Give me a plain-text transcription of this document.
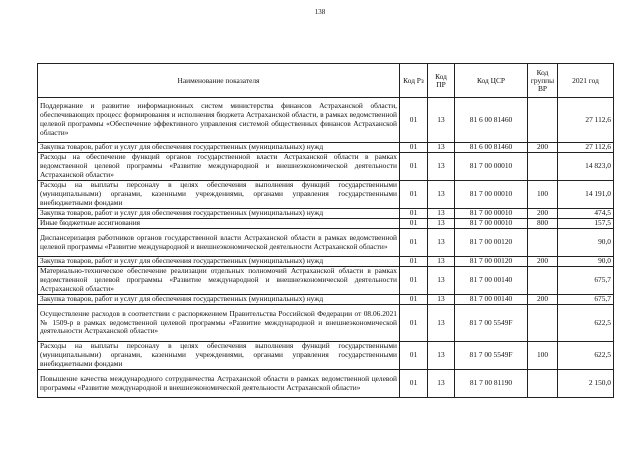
138
Наименование показателя	Код Рз	Код ПР	Код ЦСР	Код группы ВР	2021 год
Поддержание и развитие информационных систем министерства финансов Астраханской области, обеспечивающих процесс формирования и исполнения бюджета Астраханской области, в рамках ведомственной целевой программы «Обеспечение эффективного управления системой общественных финансов Астраханской области»	01	13	81 6 00 81460		27 112,6
Закупка товаров, работ и услуг для обеспечения государственных (муниципальных) нужд	01	13	81 6 00 81460	200	27 112,6
Расходы на обеспечение функций органов государственной власти Астраханской области в рамках ведомственной целевой программы «Развитие международной и внешнеэкономической деятельности Астраханской области»	01	13	81 7 00 00010		14 823,0
Расходы на выплаты персоналу в целях обеспечения выполнения функций государственными (муниципальными) органами, казенными учреждениями, органами управления государственными внебюджетными фондами	01	13	81 7 00 00010	100	14 191,0
Закупка товаров, работ и услуг для обеспечения государственных (муниципальных) нужд	01	13	81 7 00 00010	200	474,5
Иные бюджетные ассигнования	01	13	81 7 00 00010	800	157,5
Диспансеризация работников органов государственной власти Астраханской области в рамках ведомственной целевой программы «Развитие международной и внешнеэкономической деятельности Астраханской области»	01	13	81 7 00 00120		90,0
Закупка товаров, работ и услуг для обеспечения государственных (муниципальных) нужд	01	13	81 7 00 00120	200	90,0
Материально-техническое обеспечение реализации отдельных полномочий Астраханской области в рамках ведомственной целевой программы «Развитие международной и внешнеэкономической деятельности Астраханской области»	01	13	81 7 00 00140		675,7
Закупка товаров, работ и услуг для обеспечения государственных (муниципальных) нужд	01	13	81 7 00 00140	200	675,7
Осуществление расходов в соответствии с распоряжением Правительства Российской Федерации от 08.06.2021 № 1509-р в рамках ведомственной целевой программы «Развитие международной и внешнеэкономической деятельности Астраханской области»	01	13	81 7 00 5549F		622,5
Расходы на выплаты персоналу в целях обеспечения выполнения функций государственными (муниципальными) органами, казенными учреждениями, органами управления государственными внебюджетными фондами	01	13	81 7 00 5549F	100	622,5
Повышение качества международного сотрудничества Астраханской области в рамках ведомственной целевой программы «Развитие международной и внешнеэкономической деятельности Астраханской области»	01	13	81 7 00 81190		2 150,0
